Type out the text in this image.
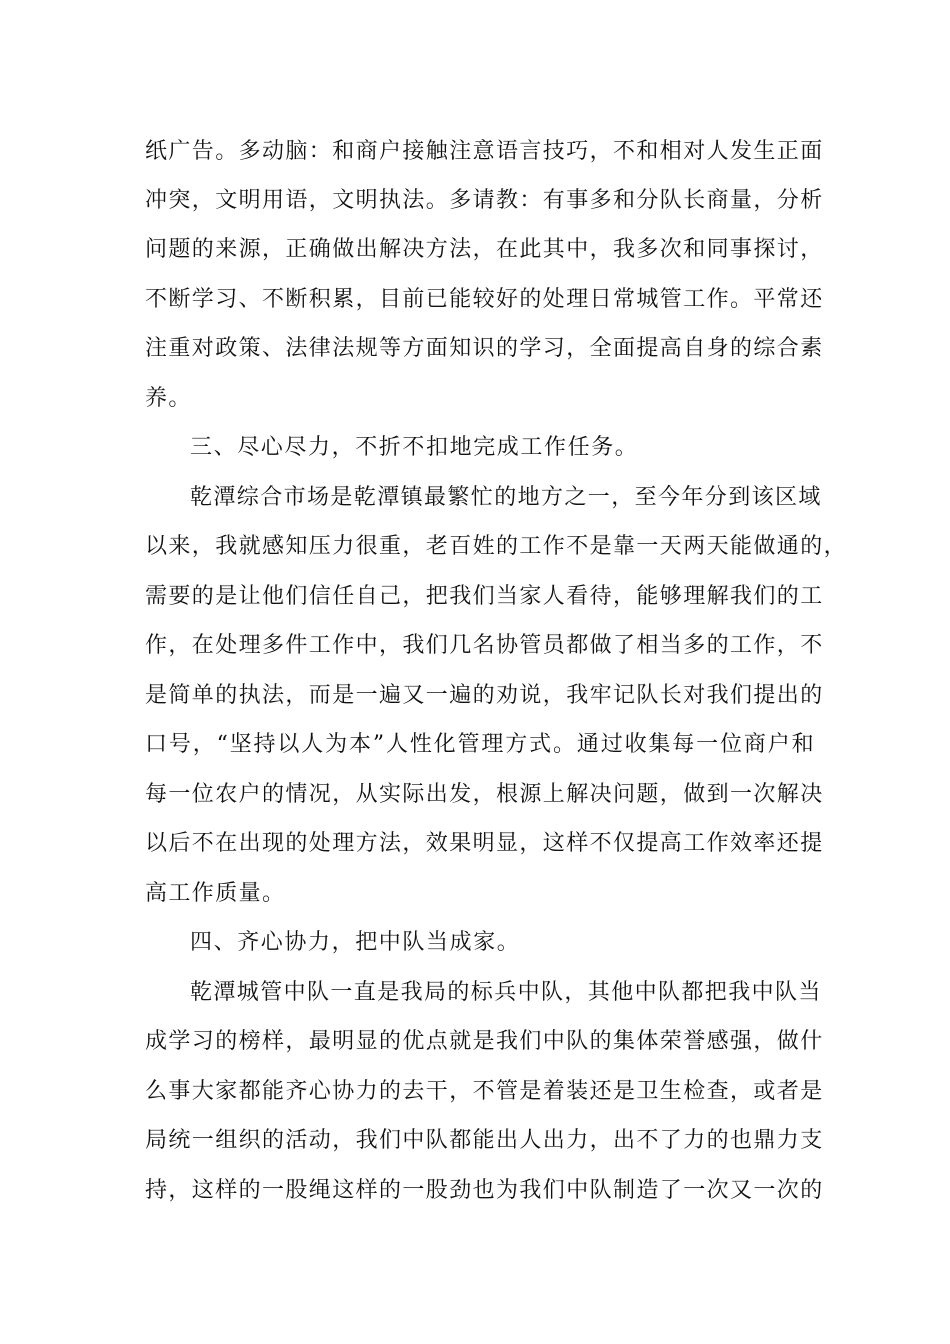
纸广告。多动脑：和商户接触注意语言技巧，不和相对人发生正面
冲突，文明用语，文明执法。多请教：有事多和分队长商量，分析
问题的来源，正确做出解决方法，在此其中，我多次和同事探讨，
不断学习、不断积累，目前已能较好的处理日常城管工作。平常还
注重对政策、法律法规等方面知识的学习，全面提高自身的综合素
养。
三、尽心尽力，不折不扣地完成工作任务。
乾潭综合市场是乾潭镇最繁忙的地方之一，至今年分到该区域
以来，我就感知压力很重，老百姓的工作不是靠一天两天能做通的，
需要的是让他们信任自己，把我们当家人看待，能够理解我们的工
作，在处理多件工作中，我们几名协管员都做了相当多的工作，不
是简单的执法，而是一遍又一遍的劝说，我牢记队长对我们提出的
口号，“坚持以人为本”人性化管理方式。通过收集每一位商户和
每一位农户的情况，从实际出发，根源上解决问题，做到一次解决
以后不在出现的处理方法，效果明显，这样不仅提高工作效率还提
高工作质量。
四、齐心协力，把中队当成家。
乾潭城管中队一直是我局的标兵中队，其他中队都把我中队当
成学习的榜样，最明显的优点就是我们中队的集体荣誉感强，做什
么事大家都能齐心协力的去干，不管是着装还是卫生检查，或者是
局统一组织的活动，我们中队都能出人出力，出不了力的也鼎力支
持，这样的一股绳这样的一股劲也为我们中队制造了一次又一次的
